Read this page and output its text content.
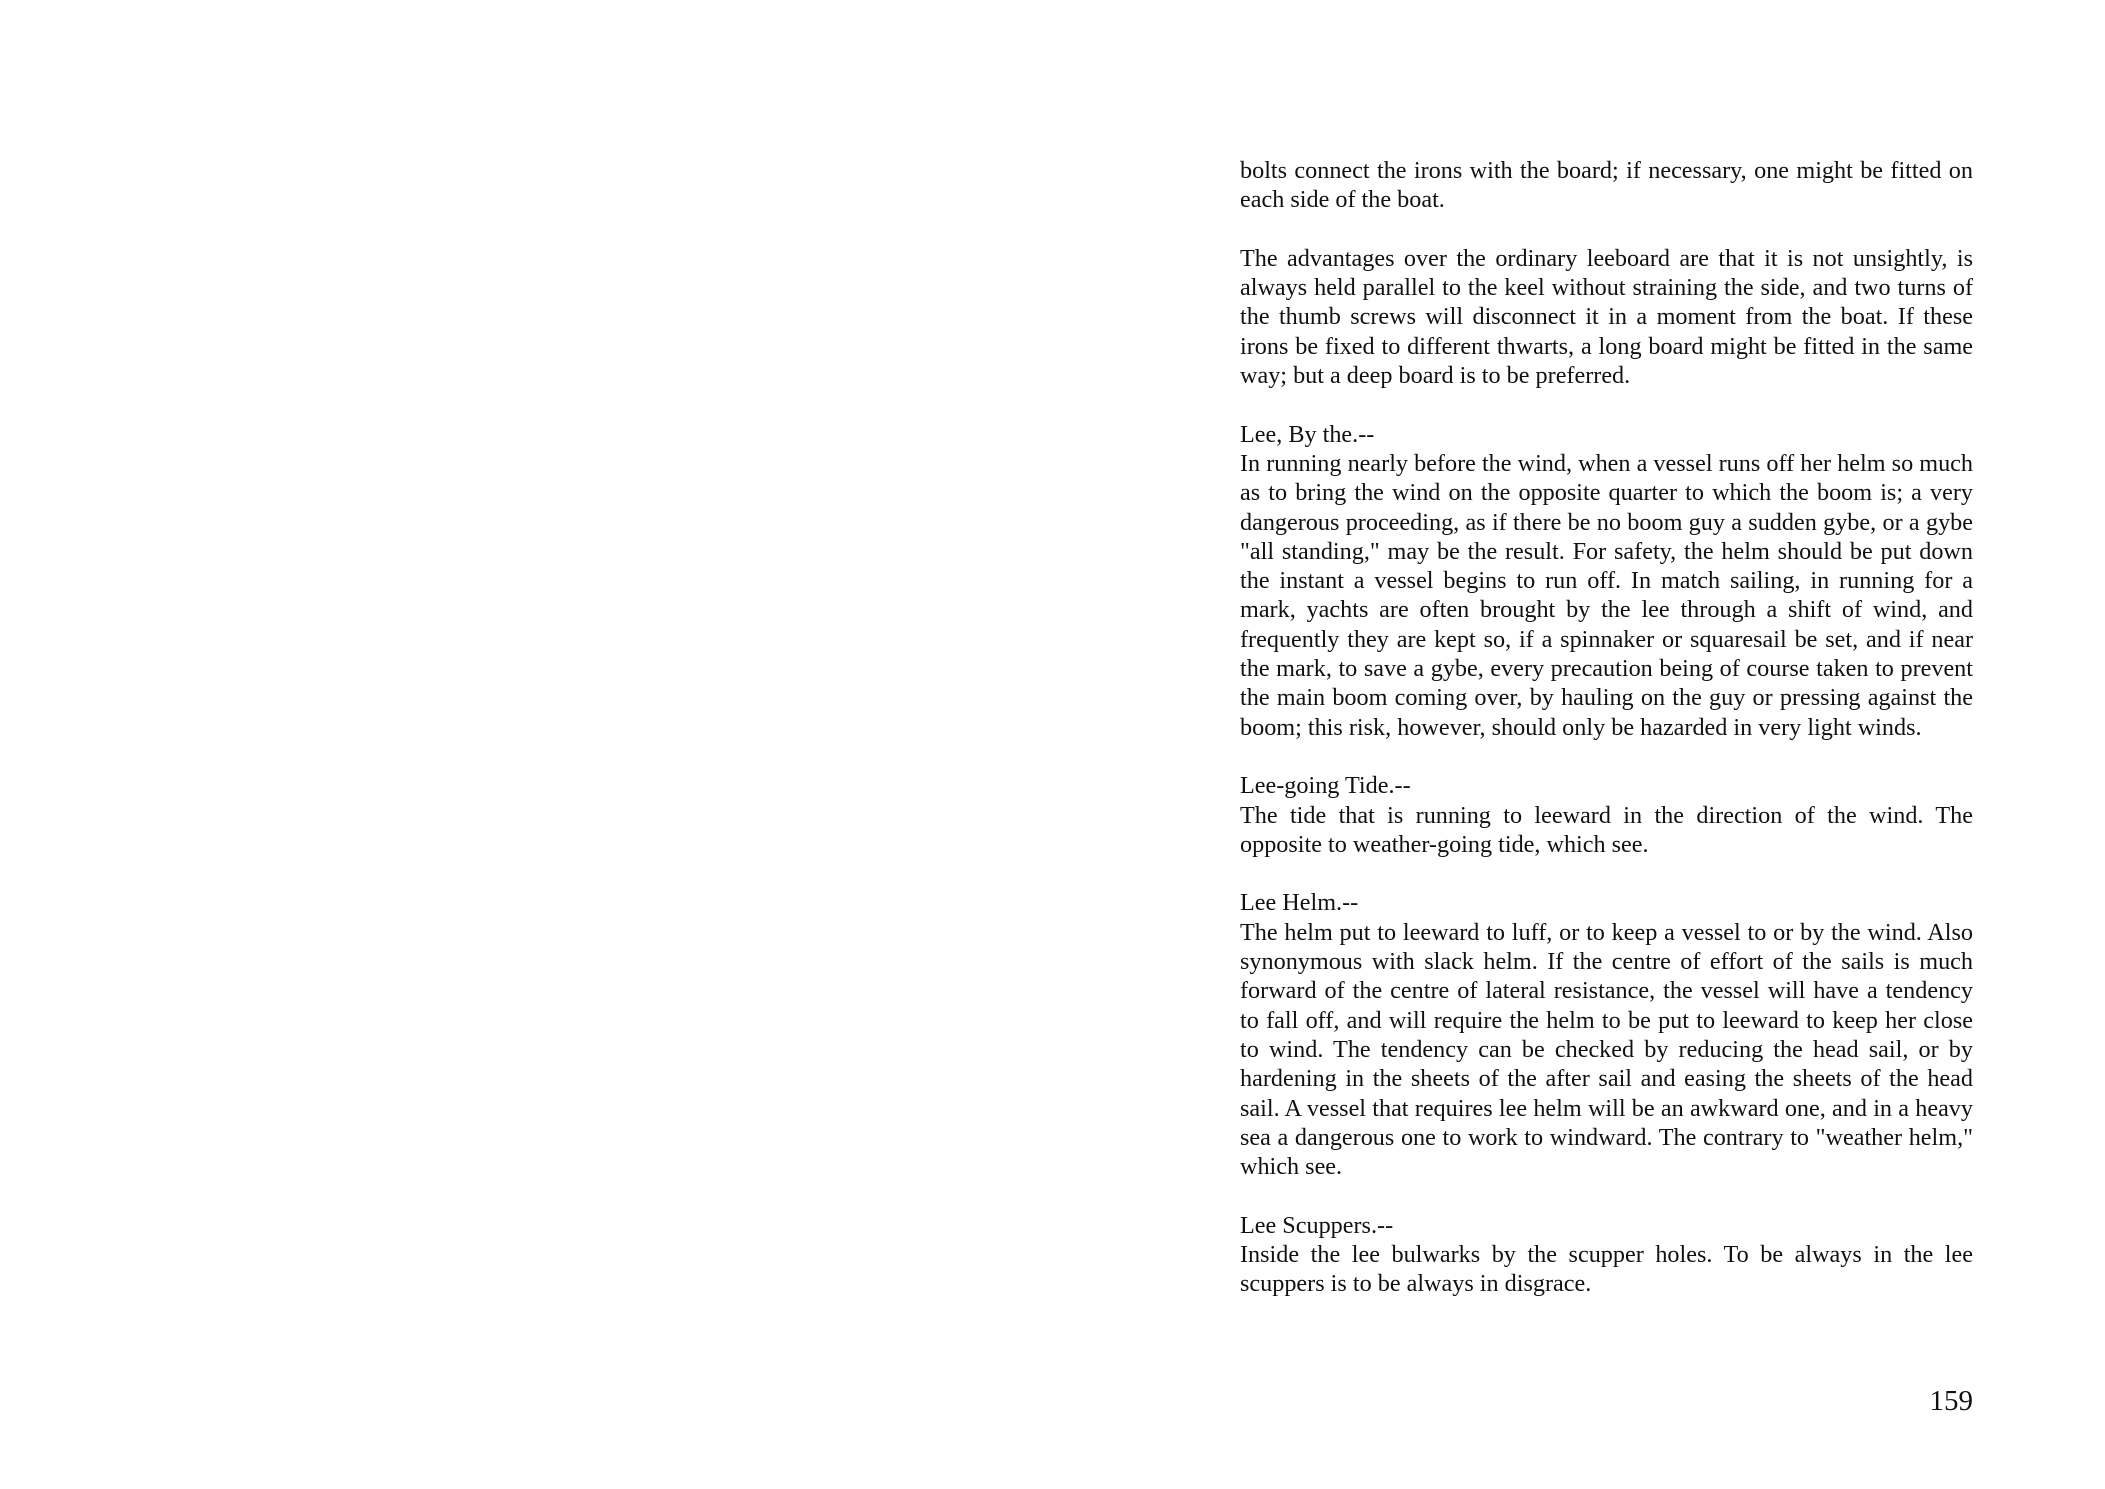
bolts connect the irons with the board; if necessary, one might be fitted on each side of the boat.

The advantages over the ordinary leeboard are that it is not unsightly, is always held parallel to the keel without straining the side, and two turns of the thumb screws will disconnect it in a moment from the boat. If these irons be fixed to different thwarts, a long board might be fitted in the same way; but a deep board is to be preferred.

Lee, By the.--
In running nearly before the wind, when a vessel runs off her helm so much as to bring the wind on the opposite quarter to which the boom is; a very dangerous proceeding, as if there be no boom guy a sudden gybe, or a gybe "all standing," may be the result. For safety, the helm should be put down the instant a vessel begins to run off. In match sailing, in running for a mark, yachts are often brought by the lee through a shift of wind, and frequently they are kept so, if a spinnaker or squaresail be set, and if near the mark, to save a gybe, every precaution being of course taken to prevent the main boom coming over, by hauling on the guy or pressing against the boom; this risk, however, should only be hazarded in very light winds.
Lee-going Tide.--
The tide that is running to leeward in the direction of the wind. The opposite to weather-going tide, which see.
Lee Helm.--
The helm put to leeward to luff, or to keep a vessel to or by the wind. Also synonymous with slack helm. If the centre of effort of the sails is much forward of the centre of lateral resistance, the vessel will have a tendency to fall off, and will require the helm to be put to leeward to keep her close to wind. The tendency can be checked by reducing the head sail, or by hardening in the sheets of the after sail and easing the sheets of the head sail. A vessel that requires lee helm will be an awkward one, and in a heavy sea a dangerous one to work to windward. The contrary to "weather helm," which see.
Lee Scuppers.--
Inside the lee bulwarks by the scupper holes. To be always in the lee scuppers is to be always in disgrace.
159
